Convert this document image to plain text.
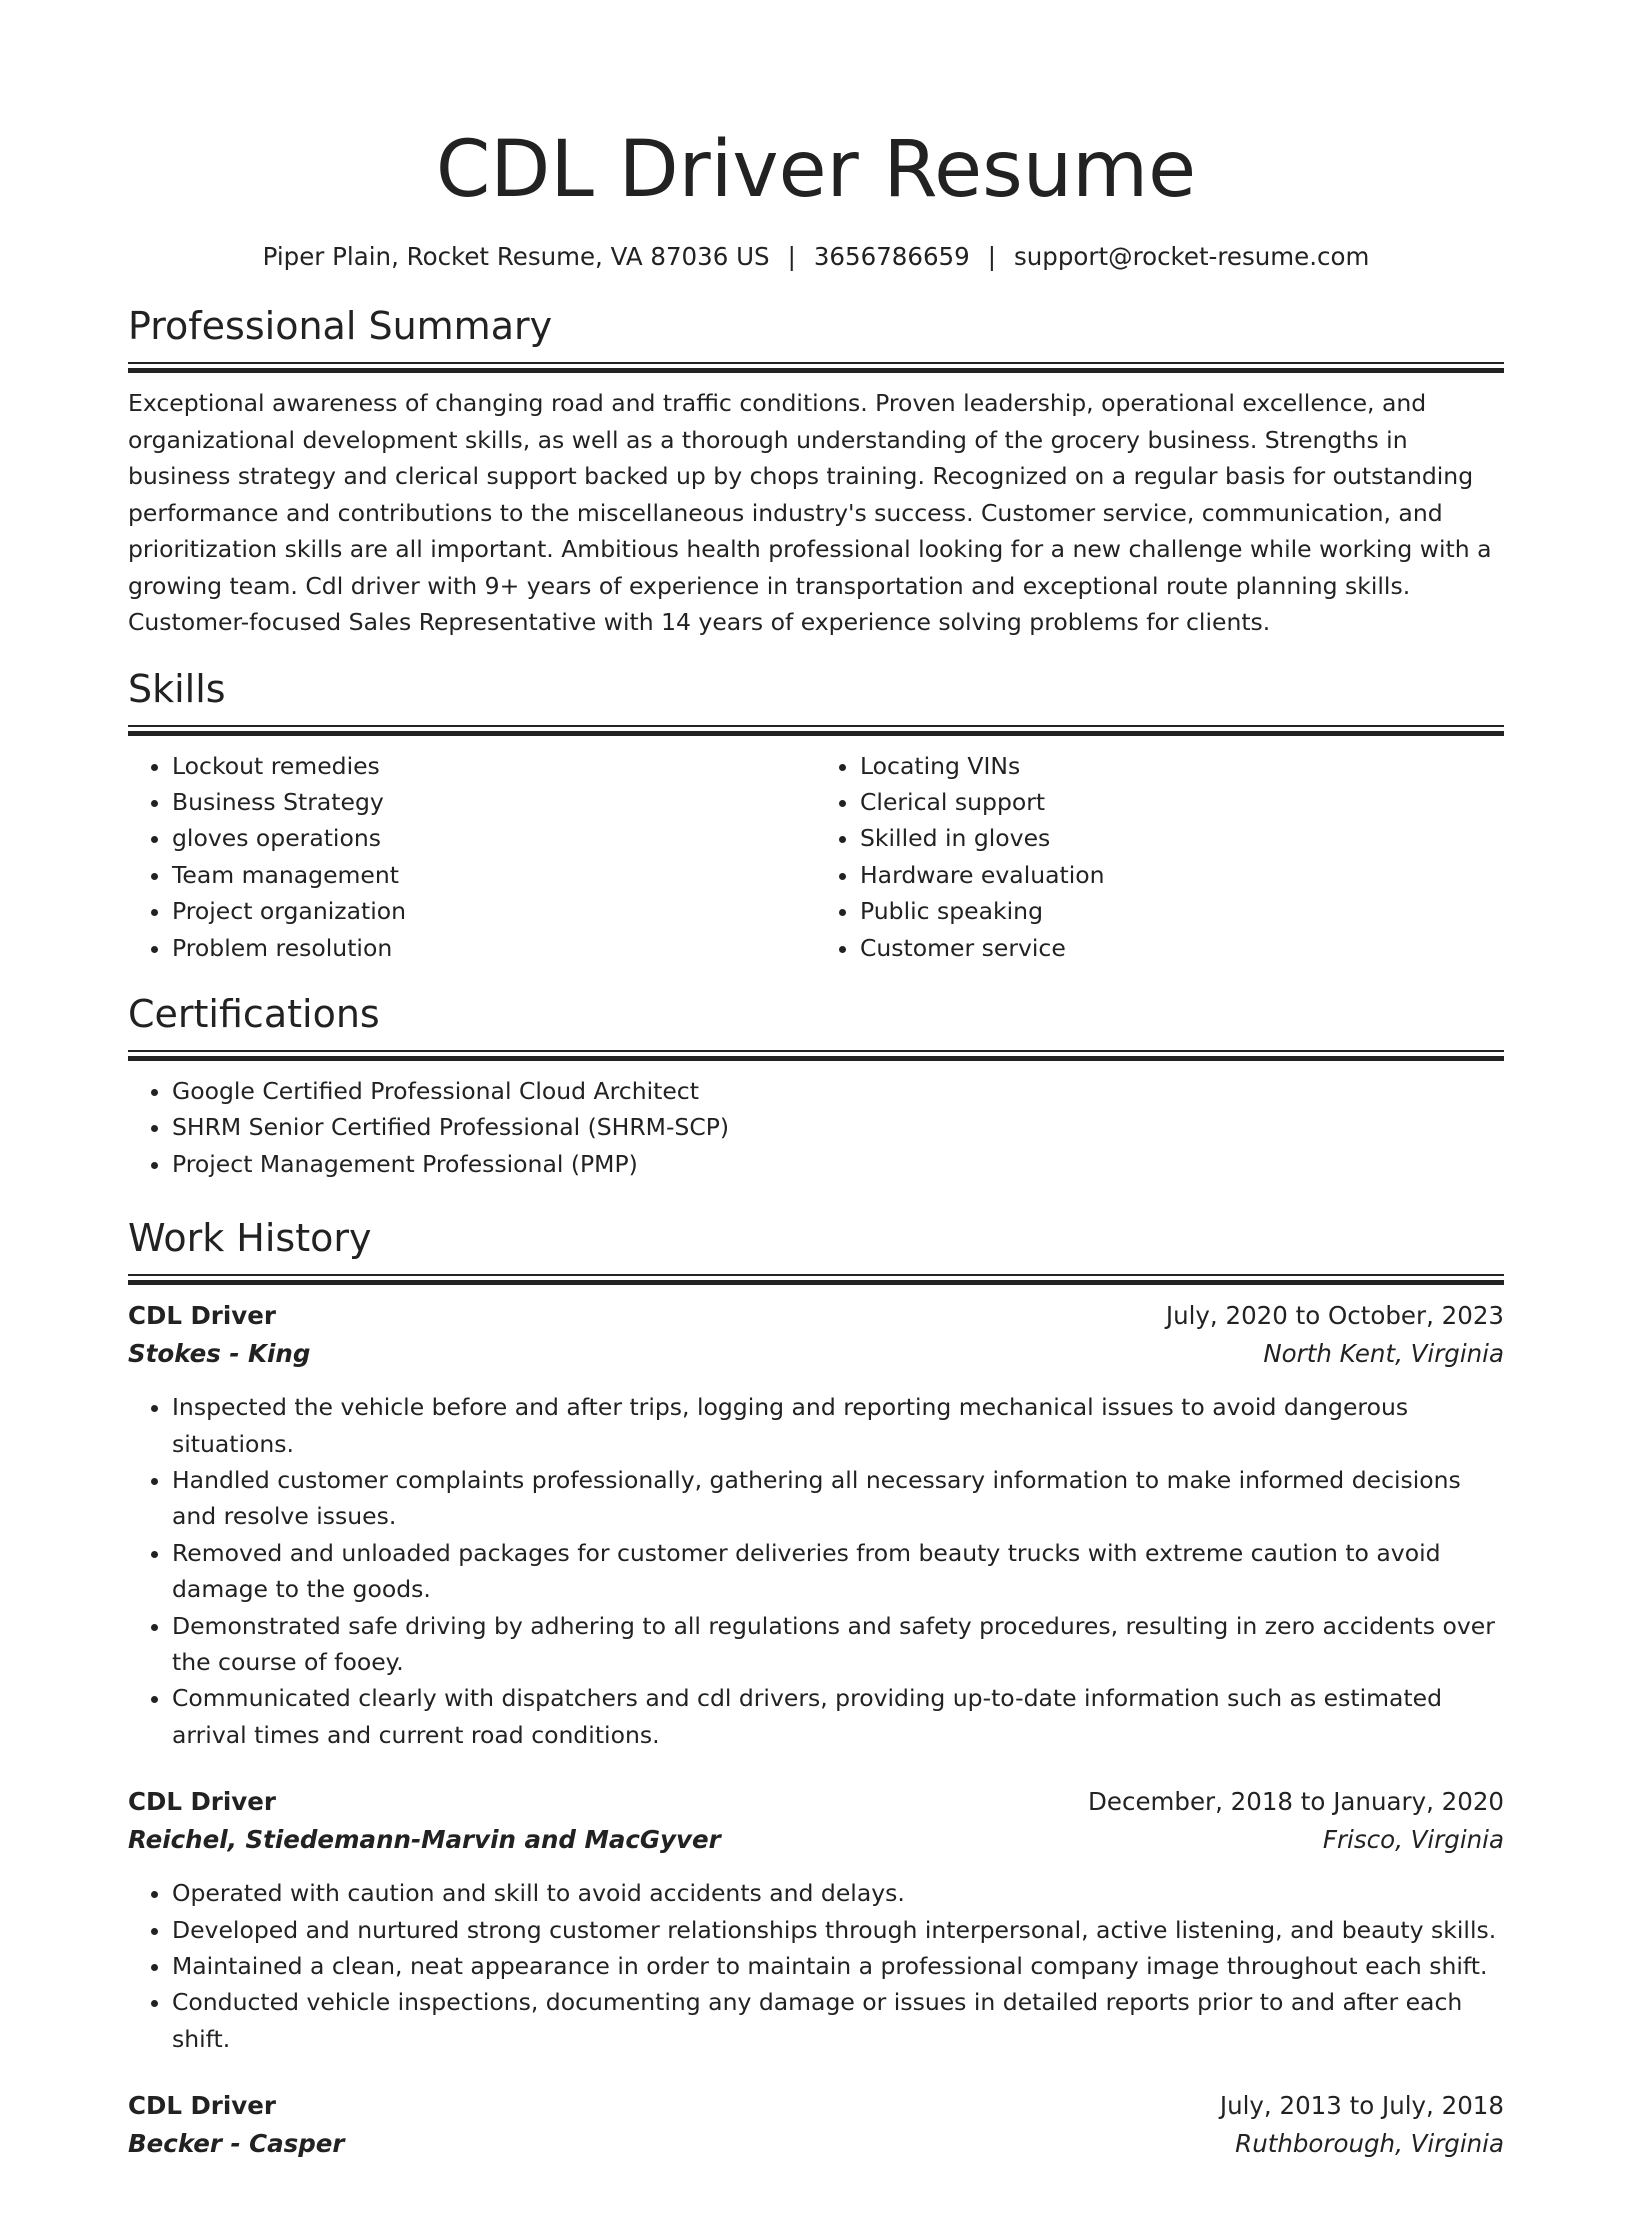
CDL Driver Resume
Piper Plain, Rocket Resume, VA 87036 US | 3656786659 | support@rocket-resume.com
Professional Summary

Exceptional awareness of changing road and traffic conditions. Proven leadership, operational excellence, and organizational development skills, as well as a thorough understanding of the grocery business. Strengths in business strategy and clerical support backed up by chops training. Recognized on a regular basis for outstanding performance and contributions to the miscellaneous industry's success. Customer service, communication, and prioritization skills are all important. Ambitious health professional looking for a new challenge while working with a growing team. Cdl driver with 9+ years of experience in transportation and exceptional route planning skills. Customer-focused Sales Representative with 14 years of experience solving problems for clients.

Skills
• Lockout remedies
• Business Strategy
• gloves operations
• Team management
• Project organization
• Problem resolution
• Locating VINs
• Clerical support
• Skilled in gloves
• Hardware evaluation
• Public speaking
• Customer service
Certifications
• Google Certified Professional Cloud Architect
• SHRM Senior Certified Professional (SHRM-SCP)
• Project Management Professional (PMP)
Work History
CDL Driver	July, 2020 to October, 2023
Stokes - King	North Kent, Virginia
• Inspected the vehicle before and after trips, logging and reporting mechanical issues to avoid dangerous situations.
• Handled customer complaints professionally, gathering all necessary information to make informed decisions and resolve issues.
• Removed and unloaded packages for customer deliveries from beauty trucks with extreme caution to avoid damage to the goods.
• Demonstrated safe driving by adhering to all regulations and safety procedures, resulting in zero accidents over the course of fooey.
• Communicated clearly with dispatchers and cdl drivers, providing up-to-date information such as estimated arrival times and current road conditions.
CDL Driver	December, 2018 to January, 2020
Reichel, Stiedemann-Marvin and MacGyver	Frisco, Virginia
• Operated with caution and skill to avoid accidents and delays.
• Developed and nurtured strong customer relationships through interpersonal, active listening, and beauty skills.
• Maintained a clean, neat appearance in order to maintain a professional company image throughout each shift.
• Conducted vehicle inspections, documenting any damage or issues in detailed reports prior to and after each shift.
CDL Driver	July, 2013 to July, 2018
Becker - Casper	Ruthborough, Virginia
